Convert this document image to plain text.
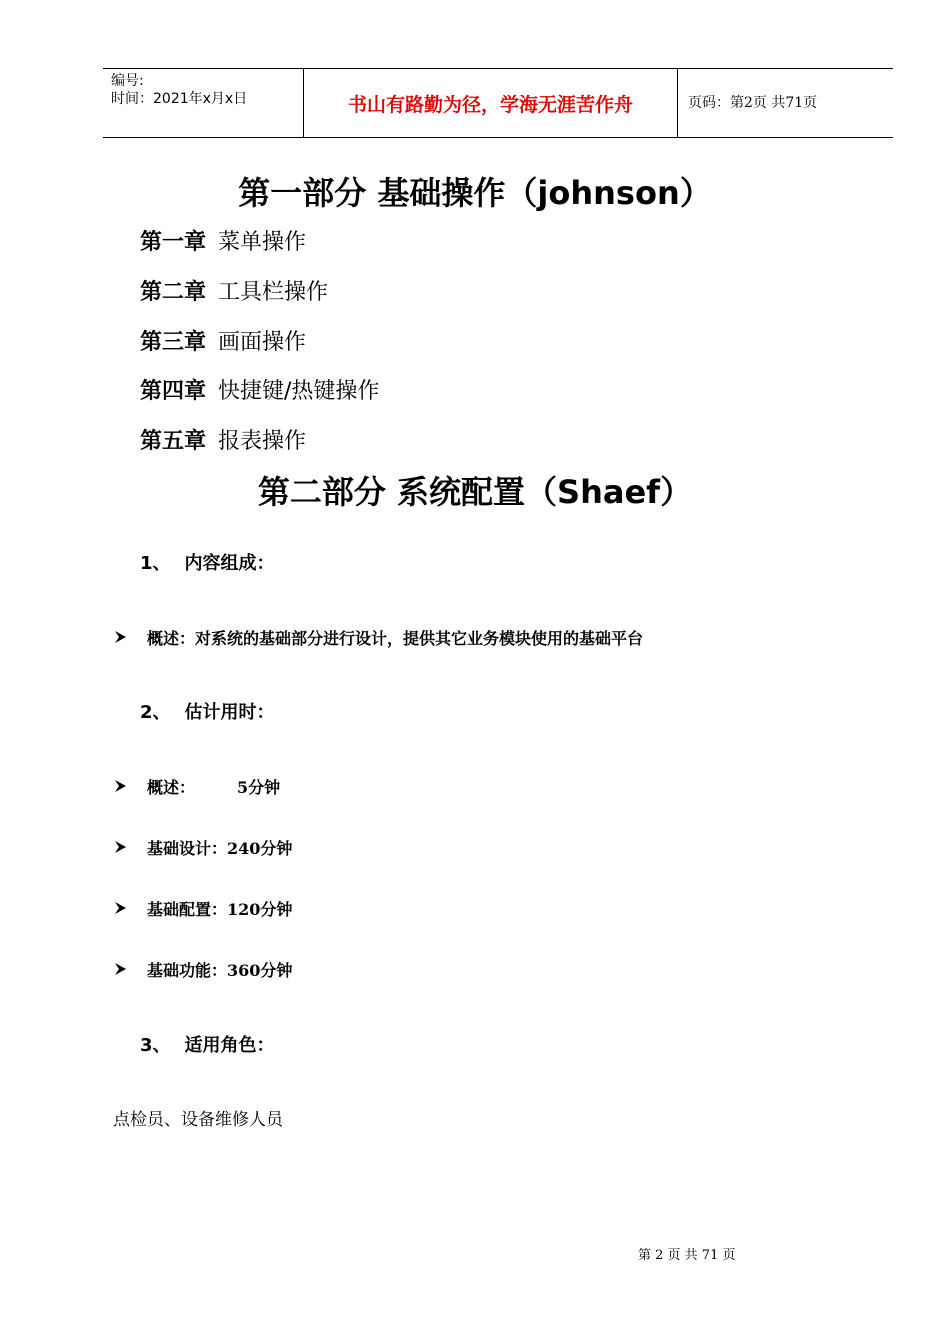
编号:
时间：2021年x月x日	书山有路勤为径，学海无涯苦作舟	页码：第2页 共71页
第一部分 基础操作（johnson）
第一章 菜单操作
第二章 工具栏操作
第三章 画面操作
第四章 快捷键/热键操作
第五章 报表操作
第二部分 系统配置（Shaef）
1、 内容组成：
概述：对系统的基础部分进行设计，提供其它业务模块使用的基础平台
2、 估计用时：
概述：	5分钟
基础设计：240分钟
基础配置：120分钟
基础功能：360分钟
3、 适用角色：
点检员、设备维修人员
第 2 页 共 71 页
